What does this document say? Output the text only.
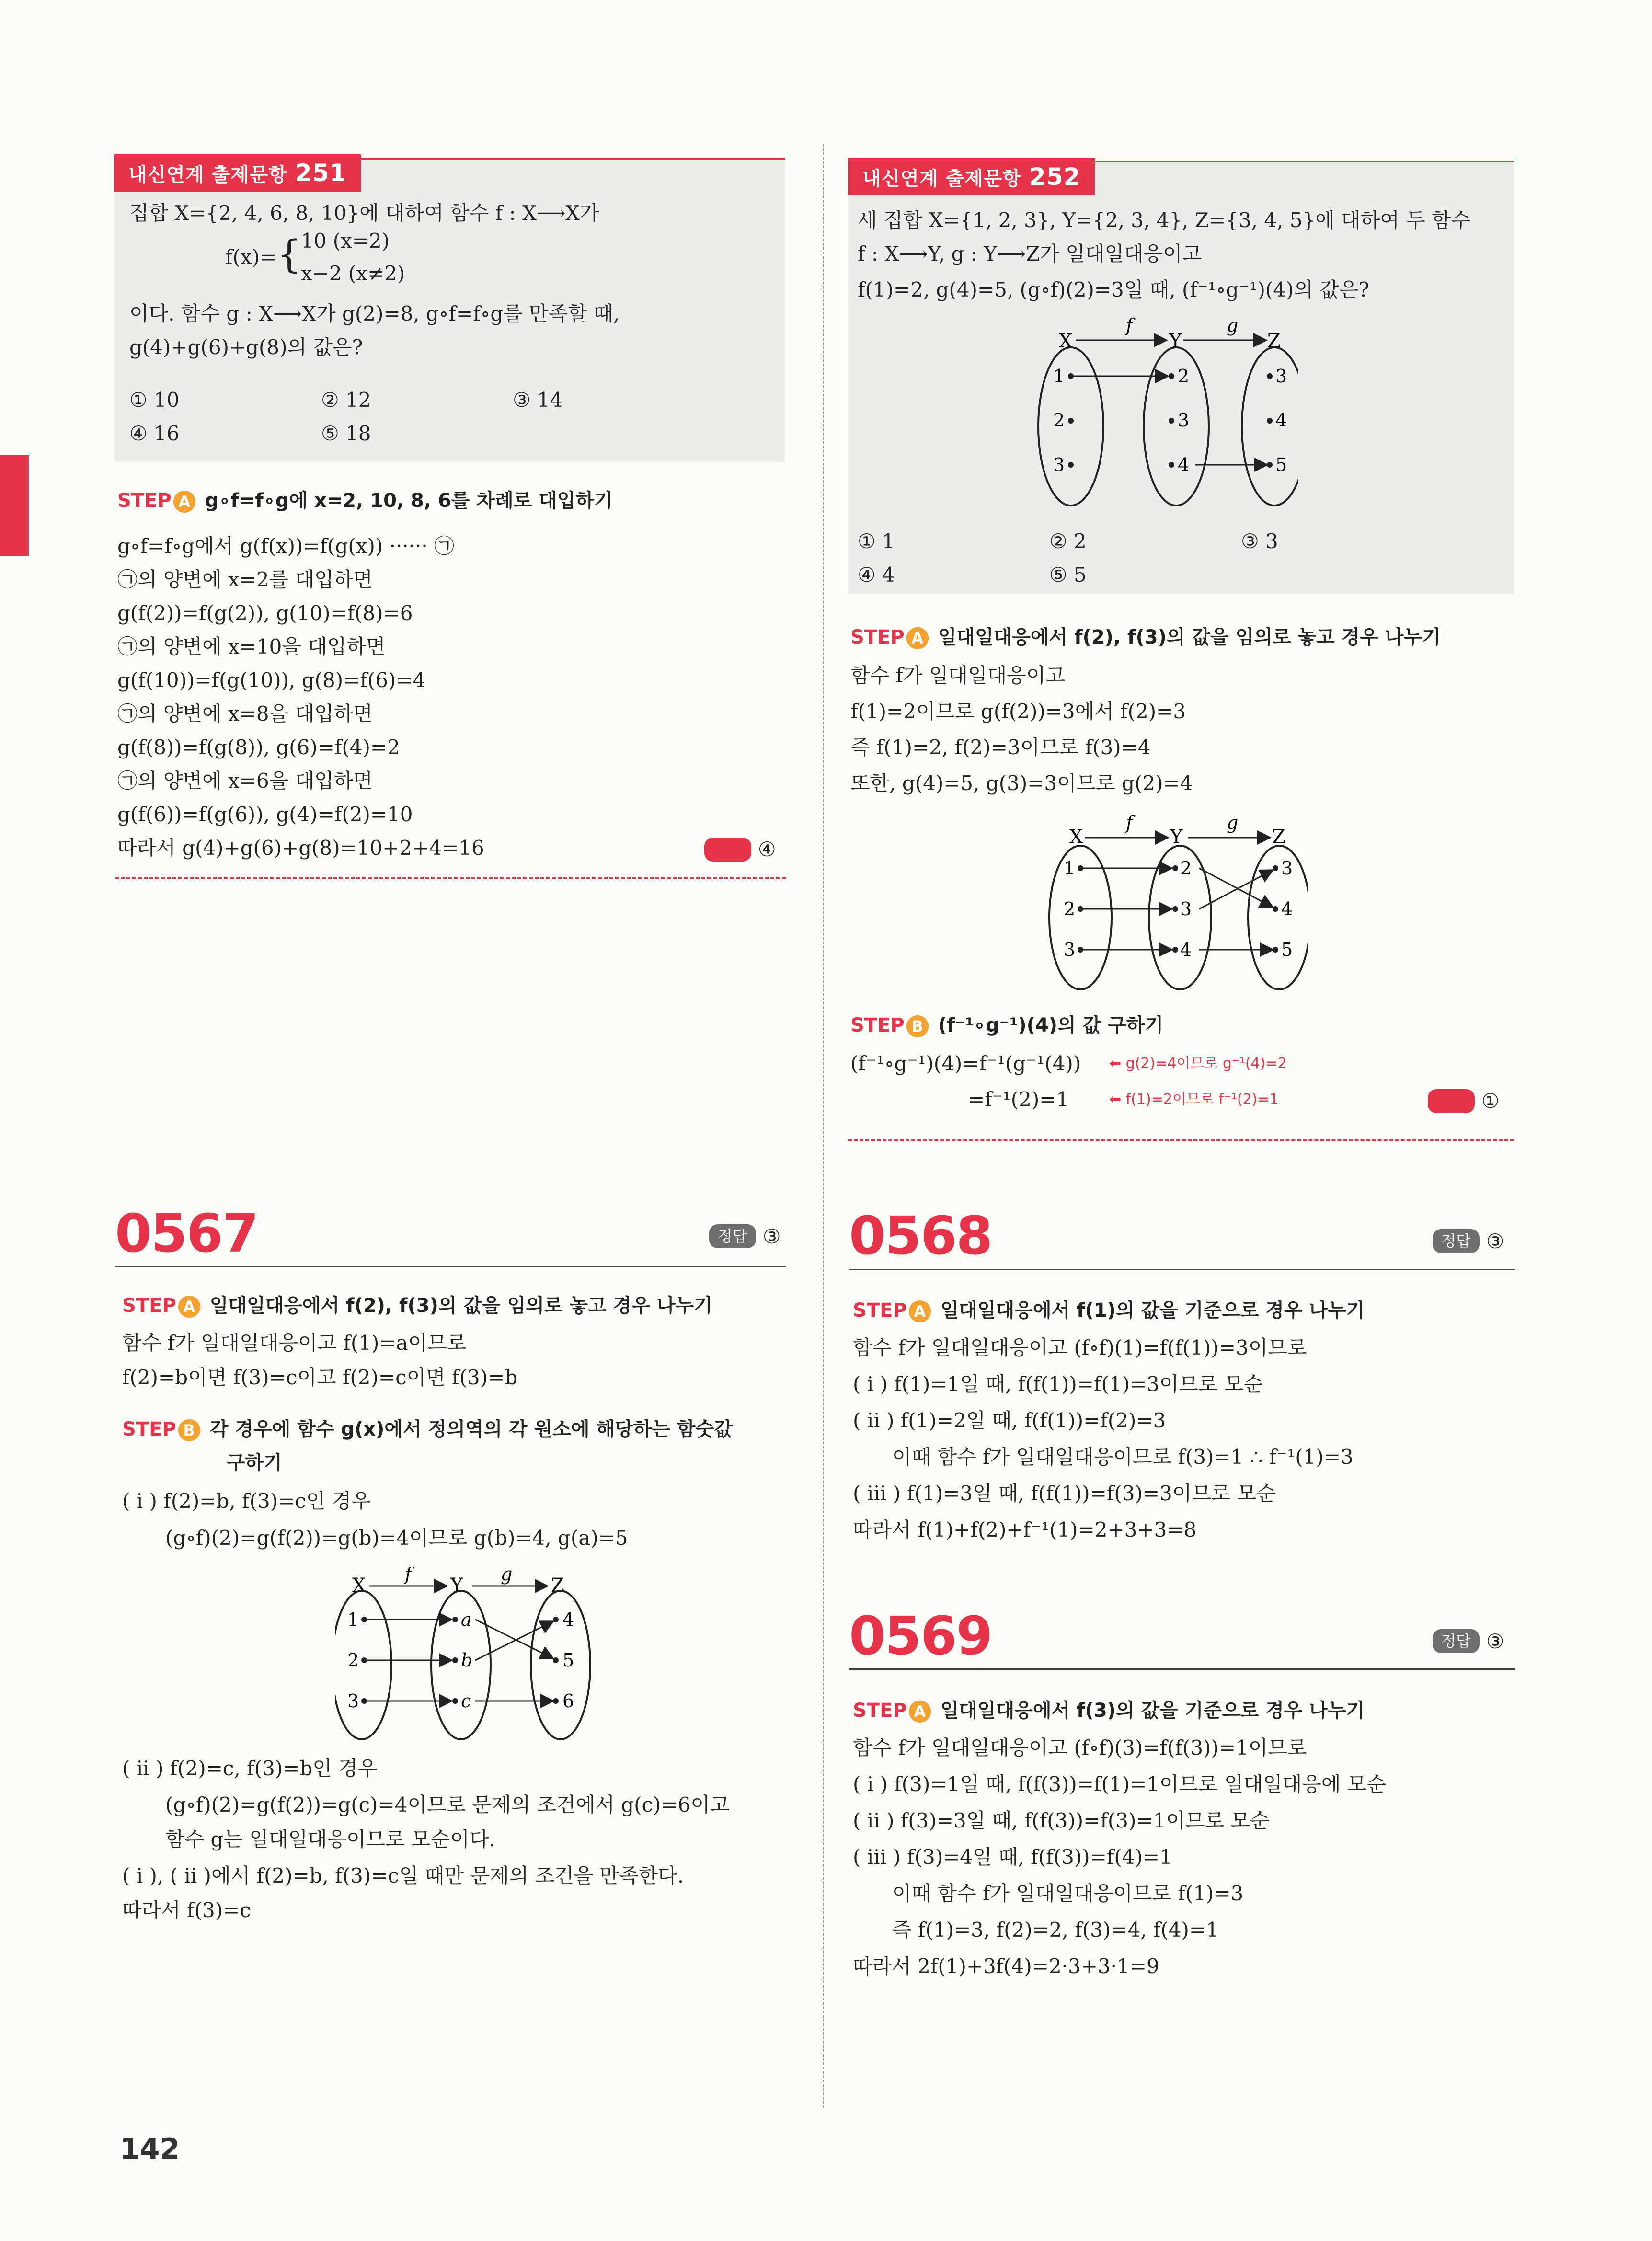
내신연계 출제문항 251
집합 X={2, 4, 6, 8, 10}에 대하여 함수 f : X⟶X가
f(x)= { 10 (x=2)
x−2 (x≠2)
이다. 함수 g : X⟶X가 g(2)=8, g∘f=f∘g를 만족할 때,
g(4)+g(6)+g(8)의 값은?
① 10	② 12	③ 14
④ 16	⑤ 18
STEP A g∘f=f∘g에 x=2, 10, 8, 6를 차례로 대입하기
g∘f=f∘g에서 g(f(x))=f(g(x)) ······ ㉠
㉠의 양변에 x=2를 대입하면
g(f(2))=f(g(2)), g(10)=f(8)=6
㉠의 양변에 x=10을 대입하면
g(f(10))=f(g(10)), g(8)=f(6)=4
㉠의 양변에 x=8을 대입하면
g(f(8))=f(g(8)), g(6)=f(4)=2
㉠의 양변에 x=6을 대입하면
g(f(6))=f(g(6)), g(4)=f(2)=10
따라서 g(4)+g(6)+g(8)=10+2+4=16	정답 ④
0567	정답 ③
STEP A 일대일대응에서 f(2), f(3)의 값을 임의로 놓고 경우 나누기
함수 f가 일대일대응이고 f(1)=a이므로
f(2)=b이면 f(3)=c이고 f(2)=c이면 f(3)=b
STEP B 각 경우에 함수 g(x)에서 정의역의 각 원소에 해당하는 함숫값
구하기
( i ) f(2)=b, f(3)=c인 경우
(g∘f)(2)=g(f(2))=g(b)=4이므로 g(b)=4, g(a)=5
( ii ) f(2)=c, f(3)=b인 경우
(g∘f)(2)=g(f(2))=g(c)=4이므로 문제의 조건에서 g(c)=6이고
함수 g는 일대일대응이므로 모순이다.
( i ), ( ii )에서 f(2)=b, f(3)=c일 때만 문제의 조건을 만족한다.
따라서 f(3)=c
X	Y	Z
f	g
1
2
3
a
b
c
4
5
6
내신연계 출제문항 252
세 집합 X={1, 2, 3}, Y={2, 3, 4}, Z={3, 4, 5}에 대하여 두 함수
f : X⟶Y, g : Y⟶Z가 일대일대응이고
f(1)=2, g(4)=5, (g∘f)(2)=3일 때, (f⁻¹∘g⁻¹)(4)의 값은?
① 1	② 2	③ 3
④ 4	⑤ 5
X	Y	Z
f	g
1
2
3
2
3
4
3
4
5
STEP A 일대일대응에서 f(2), f(3)의 값을 임의로 놓고 경우 나누기
함수 f가 일대일대응이고
f(1)=2이므로 g(f(2))=3에서 f(2)=3
즉 f(1)=2, f(2)=3이므로 f(3)=4
또한, g(4)=5, g(3)=3이므로 g(2)=4
STEP B (f⁻¹∘g⁻¹)(4)의 값 구하기
(f⁻¹∘g⁻¹)(4)=f⁻¹(g⁻¹(4)) ⬅ g(2)=4이므로 g⁻¹(4)=2
=f⁻¹(2)=1	⬅ f(1)=2이므로 f⁻¹(2)=1	정답 ①
X	Y	Z
f	g
1
2
3
2
3
4
3
4
5
0568	정답 ③
STEP A 일대일대응에서 f(1)의 값을 기준으로 경우 나누기
함수 f가 일대일대응이고 (f∘f)(1)=f(f(1))=3이므로
( i ) f(1)=1일 때, f(f(1))=f(1)=3이므로 모순
( ii ) f(1)=2일 때, f(f(1))=f(2)=3
이때 함수 f가 일대일대응이므로 f(3)=1 ∴ f⁻¹(1)=3
( iii ) f(1)=3일 때, f(f(1))=f(3)=3이므로 모순
따라서 f(1)+f(2)+f⁻¹(1)=2+3+3=8
0569	정답 ③
STEP A 일대일대응에서 f(3)의 값을 기준으로 경우 나누기
함수 f가 일대일대응이고 (f∘f)(3)=f(f(3))=1이므로
( i ) f(3)=1일 때, f(f(3))=f(1)=1이므로 일대일대응에 모순
( ii ) f(3)=3일 때, f(f(3))=f(3)=1이므로 모순
( iii ) f(3)=4일 때, f(f(3))=f(4)=1
이때 함수 f가 일대일대응이므로 f(1)=3
즉 f(1)=3, f(2)=2, f(3)=4, f(4)=1
따라서 2f(1)+3f(4)=2·3+3·1=9
142
